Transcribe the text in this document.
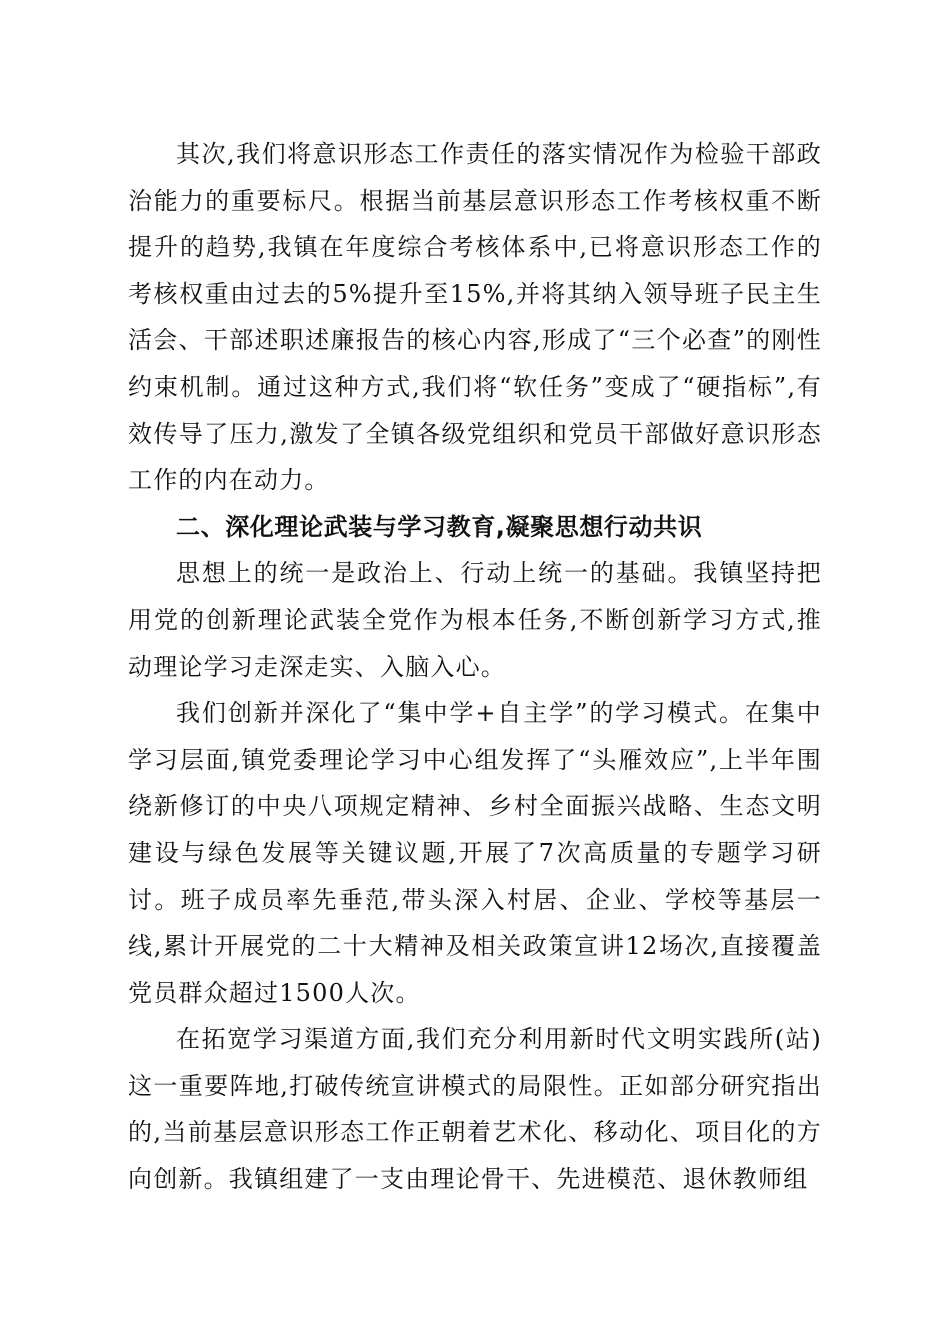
其次,我们将意识形态工作责任的落实情况作为检验干部政治能力的重要标尺。根据当前基层意识形态工作考核权重不断提升的趋势,我镇在年度综合考核体系中,已将意识形态工作的考核权重由过去的5%提升至15%,并将其纳入领导班子民主生活会、干部述职述廉报告的核心内容,形成了“三个必查”的刚性约束机制。通过这种方式,我们将“软任务”变成了“硬指标”,有效传导了压力,激发了全镇各级党组织和党员干部做好意识形态工作的内在动力。

二、深化理论武装与学习教育,凝聚思想行动共识

思想上的统一是政治上、行动上统一的基础。我镇坚持把用党的创新理论武装全党作为根本任务,不断创新学习方式,推动理论学习走深走实、入脑入心。

我们创新并深化了“集中学+自主学”的学习模式。在集中学习层面,镇党委理论学习中心组发挥了“头雁效应”,上半年围绕新修订的中央八项规定精神、乡村全面振兴战略、生态文明建设与绿色发展等关键议题,开展了7次高质量的专题学习研讨。班子成员率先垂范,带头深入村居、企业、学校等基层一线,累计开展党的二十大精神及相关政策宣讲12场次,直接覆盖党员群众超过1500人次。

在拓宽学习渠道方面,我们充分利用新时代文明实践所(站)这一重要阵地,打破传统宣讲模式的局限性。正如部分研究指出的,当前基层意识形态工作正朝着艺术化、移动化、项目化的方向创新。我镇组建了一支由理论骨干、先进模范、退休教师组
